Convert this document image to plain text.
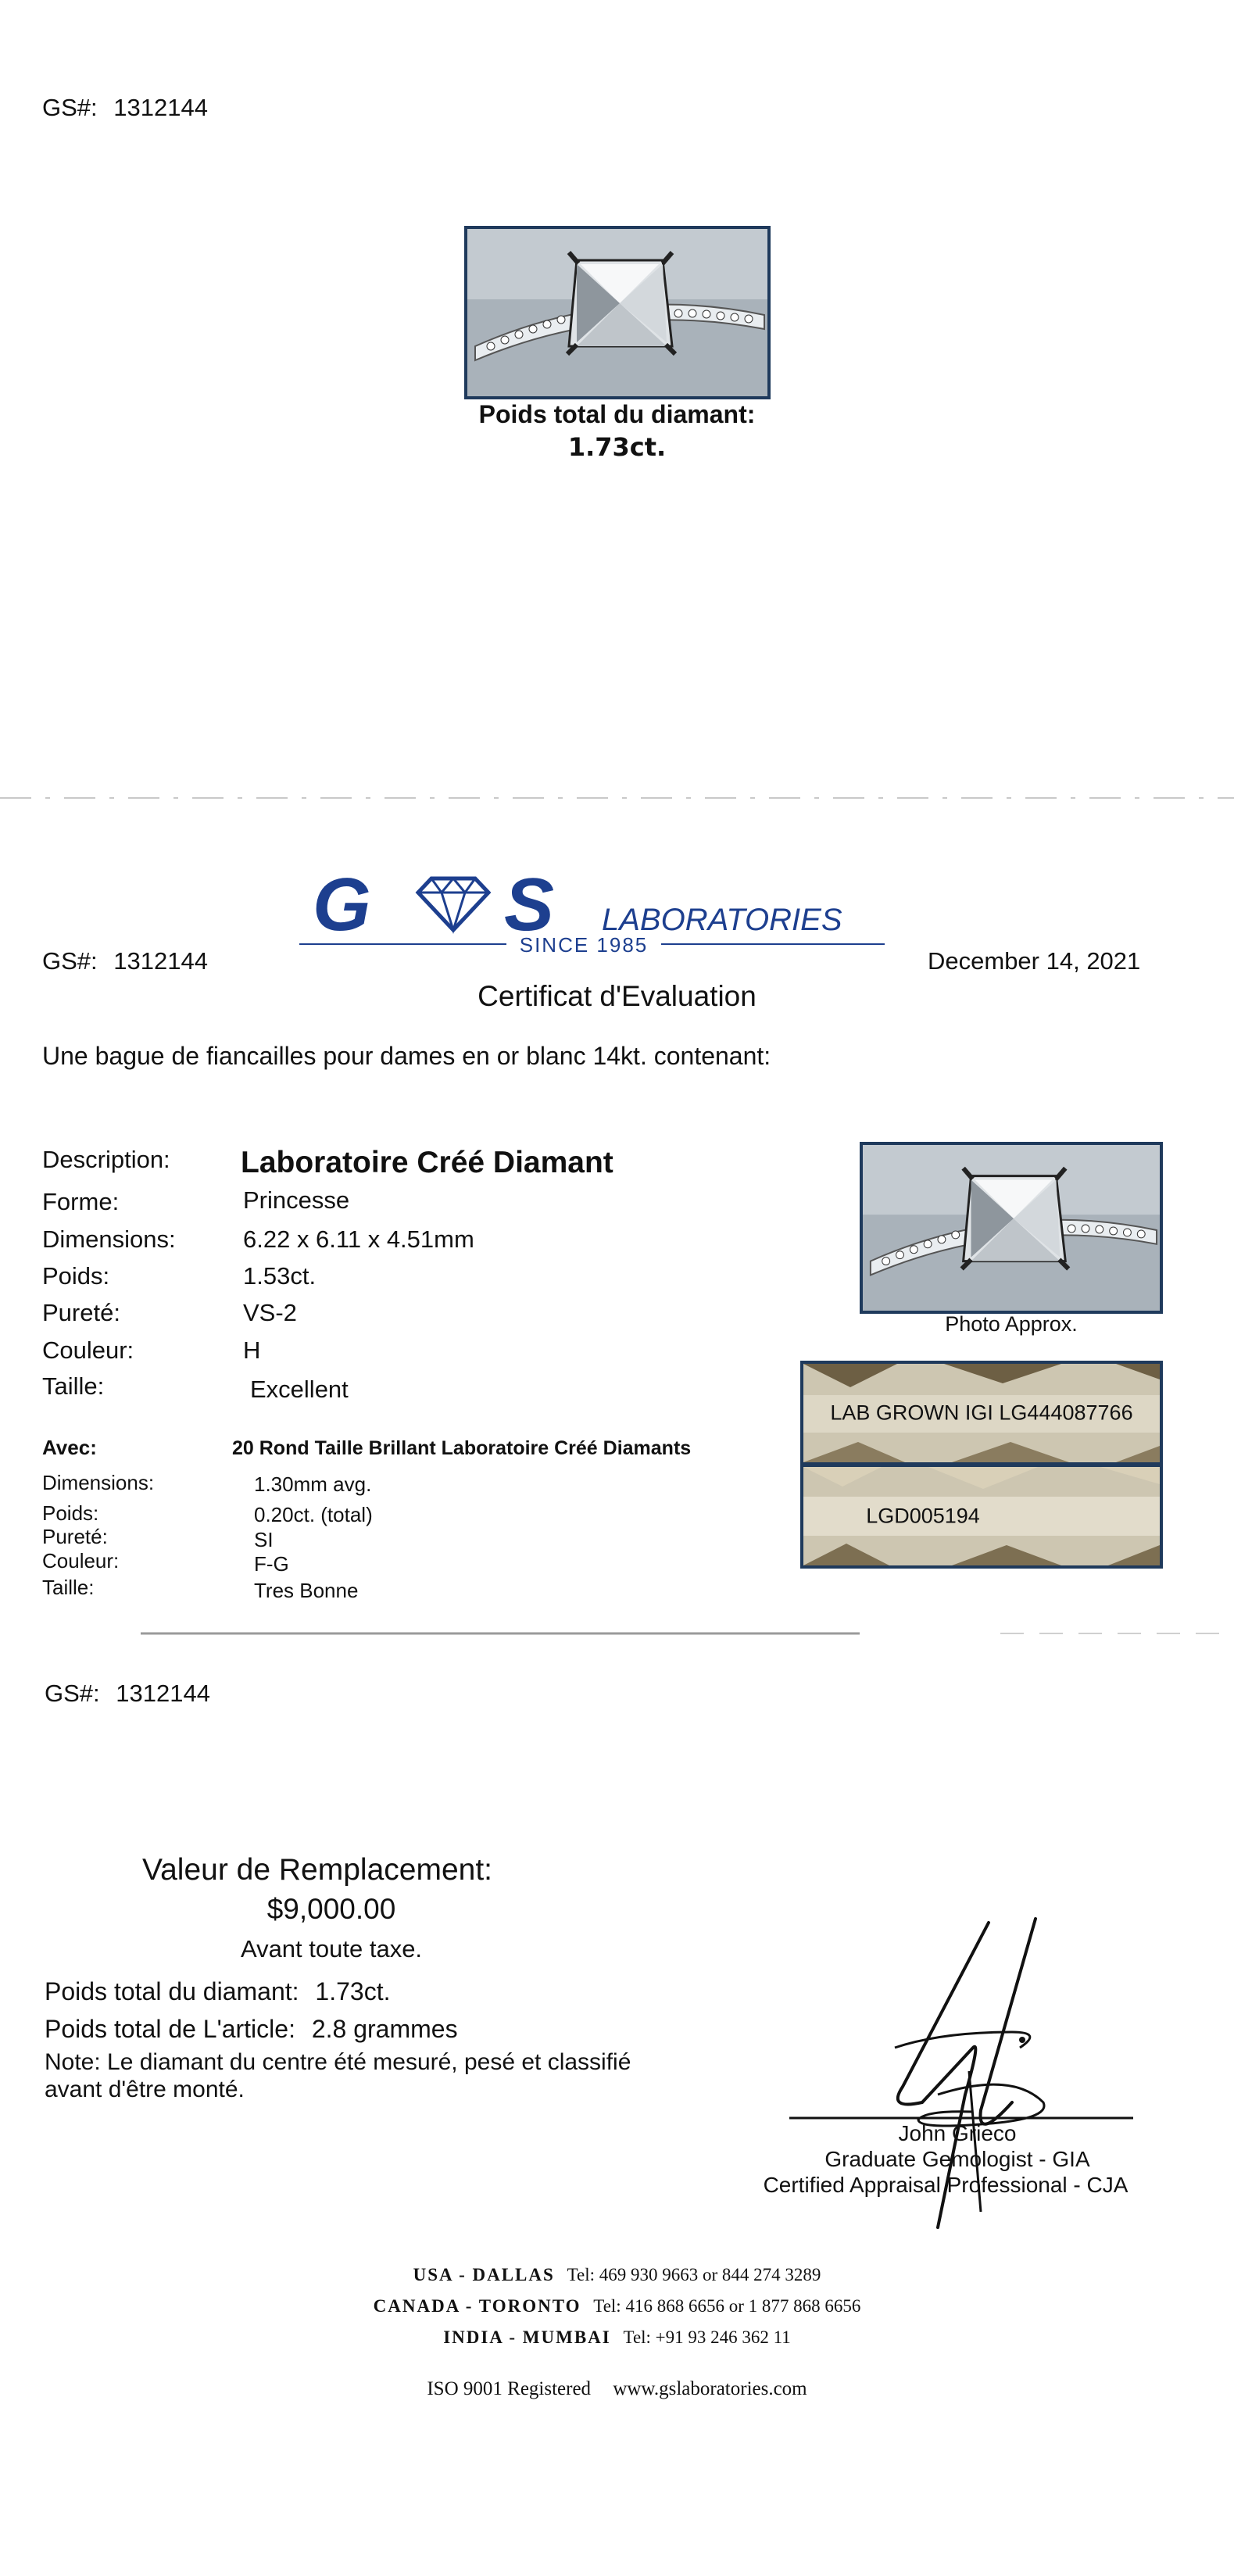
GS#: 1312144
Poids total du diamant:
1.73ct.
G S LABORATORIES
SINCE 1985
GS#: 1312144	December 14, 2021
Certificat d'Evaluation
Une bague de fiancailles pour dames en or blanc 14kt. contenant:
Description: Laboratoire Créé Diamant
Forme:	Princesse
Dimensions:	6.22 x 6.11 x 4.51mm
Poids:	1.53ct.
Pureté:	VS-2
Couleur:	H
Taille:	Excellent
Avec:	20 Rond Taille Brillant Laboratoire Créé Diamants
Dimensions:	1.30mm avg.
Poids:	0.20ct. (total)
Pureté:	SI
Couleur:	F-G
Taille:	Tres Bonne
Photo Approx.
LAB GROWN IGI LG444087766
LGD005194
GS#: 1312144
Valeur de Remplacement:
$9,000.00
Avant toute taxe.
Poids total du diamant: 1.73ct.
Poids total de L'article: 2.8 grammes
Note: Le diamant du centre été mesuré, pesé et classifié
avant d'être monté.
John Grieco
Graduate Gemologist - GIA
Certified Appraisal Professional - CJA
USA - DALLAS Tel: 469 930 9663 or 844 274 3289
CANADA - TORONTO Tel: 416 868 6656 or 1 877 868 6656
INDIA - MUMBAI Tel: +91 93 246 362 11
ISO 9001 Registered www.gslaboratories.com
